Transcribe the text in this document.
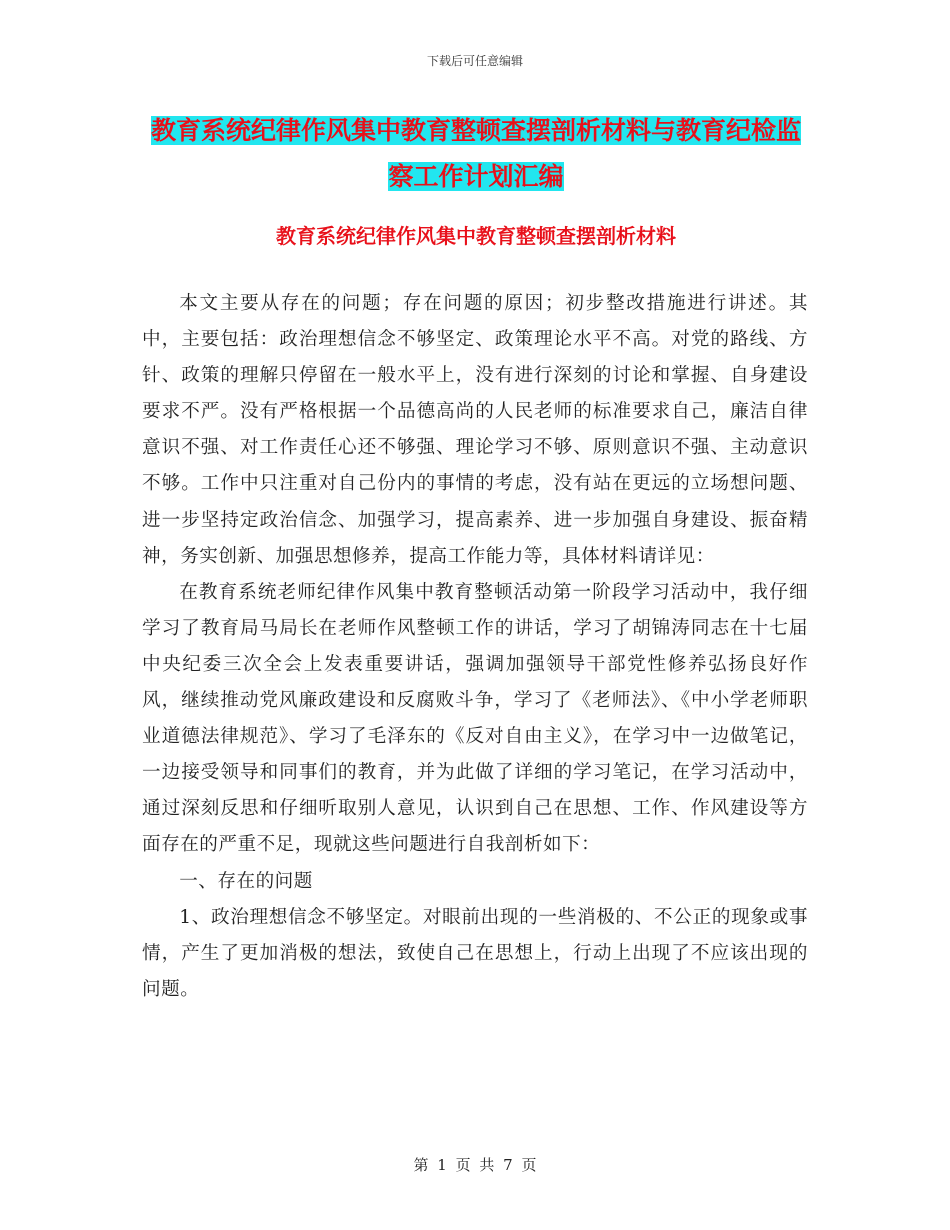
下载后可任意编辑
教育系统纪律作风集中教育整顿查摆剖析材料与教育纪检监察工作计划汇编
教育系统纪律作风集中教育整顿查摆剖析材料

本文主要从存在的问题；存在问题的原因；初步整改措施进行讲述。其中，主要包括：政治理想信念不够坚定、政策理论水平不高。对党的路线、方针、政策的理解只停留在一般水平上，没有进行深刻的讨论和掌握、自身建设要求不严。没有严格根据一个品德高尚的人民老师的标准要求自己，廉洁自律意识不强、对工作责任心还不够强、理论学习不够、原则意识不强、主动意识不够。工作中只注重对自己份内的事情的考虑，没有站在更远的立场想问题、进一步坚持定政治信念、加强学习，提高素养、进一步加强自身建设、振奋精神，务实创新、加强思想修养，提高工作能力等，具体材料请详见：

在教育系统老师纪律作风集中教育整顿活动第一阶段学习活动中，我仔细学习了教育局马局长在老师作风整顿工作的讲话，学习了胡锦涛同志在十七届中央纪委三次全会上发表重要讲话，强调加强领导干部党性修养弘扬良好作风，继续推动党风廉政建设和反腐败斗争，学习了《老师法》、《中小学老师职业道德法律规范》、学习了毛泽东的《反对自由主义》，在学习中一边做笔记，一边接受领导和同事们的教育，并为此做了详细的学习笔记，在学习活动中，通过深刻反思和仔细听取别人意见，认识到自己在思想、工作、作风建设等方面存在的严重不足，现就这些问题进行自我剖析如下：

一、存在的问题

1、政治理想信念不够坚定。对眼前出现的一些消极的、不公正的现象或事情，产生了更加消极的想法，致使自己在思想上，行动上出现了不应该出现的问题。

第 1 页 共 7 页
